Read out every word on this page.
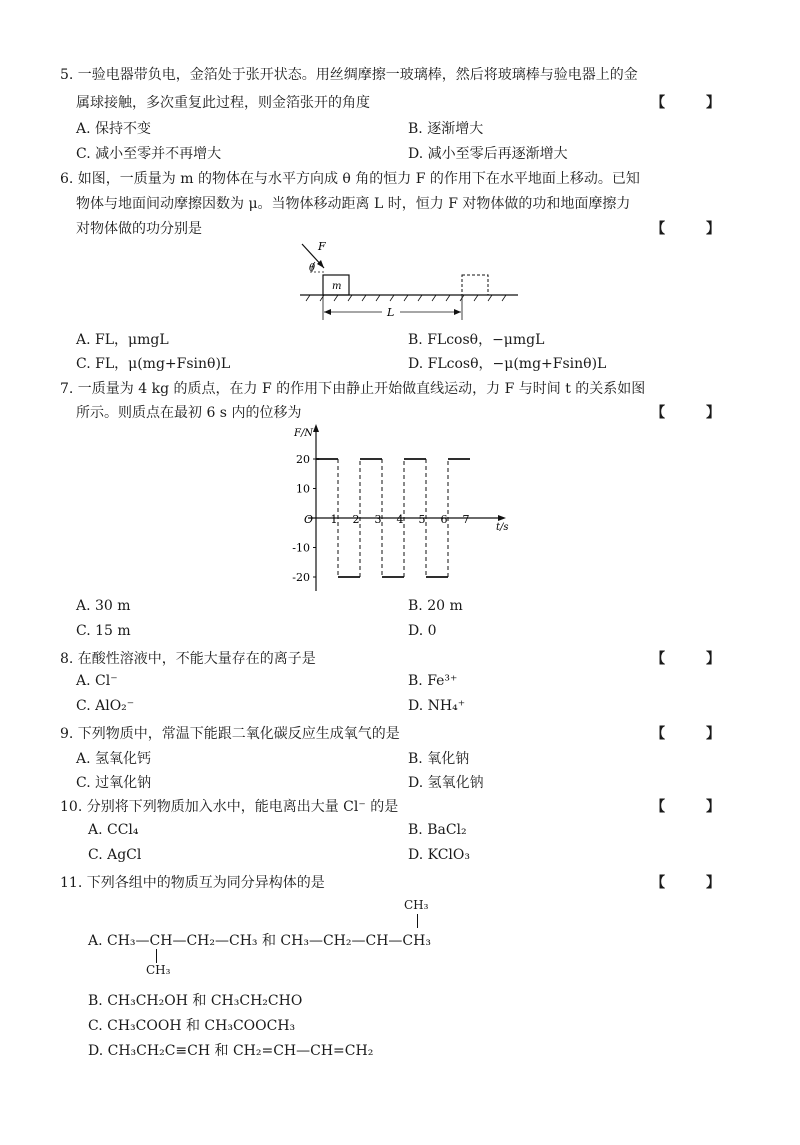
5. 一验电器带负电，金箔处于张开状态。用丝绸摩擦一玻璃棒，然后将玻璃棒与验电器上的金
属球接触，多次重复此过程，则金箔张开的角度	【 】
A. 保持不变	B. 逐渐增大
C. 减小至零并不再增大	D. 减小至零后再逐渐增大
6. 如图，一质量为 m 的物体在与水平方向成 θ 角的恒力 F 的作用下在水平地面上移动。已知
物体与地面间动摩擦因数为 μ。当物体移动距离 L 时，恒力 F 对物体做的功和地面摩擦力
对物体做的功分别是	【 】
F
θ
m
L
A. FL，μmgL	B. FLcosθ，−μmgL
C. FL，μ(mg+Fsinθ)L	D. FLcosθ，−μ(mg+Fsinθ)L
7. 一质量为 4 kg 的质点，在力 F 的作用下由静止开始做直线运动，力 F 与时间 t 的关系如图
所示。则质点在最初 6 s 内的位移为	【 】
20
10
-10
-20
1 2 3 4 5 6 7
O
F/N
t/s
A. 30 m	B. 20 m
C. 15 m	D. 0
8. 在酸性溶液中，不能大量存在的离子是	【 】
A. Cl⁻	B. Fe³⁺
C. AlO₂⁻	D. NH₄⁺
9. 下列物质中，常温下能跟二氧化碳反应生成氧气的是	【 】
A. 氢氧化钙	B. 氧化钠
C. 过氧化钠	D. 氢氧化钠
10. 分别将下列物质加入水中，能电离出大量 Cl⁻ 的是	【 】
A. CCl₄	B. BaCl₂
C. AgCl	D. KClO₃
11. 下列各组中的物质互为同分异构体的是	【 】
CH₃
A. CH₃—CH—CH₂—CH₃ 和 CH₃—CH₂—CH—CH₃
CH₃
B. CH₃CH₂OH 和 CH₃CH₂CHO
C. CH₃COOH 和 CH₃COOCH₃
D. CH₃CH₂C≡CH 和 CH₂=CH—CH=CH₂
